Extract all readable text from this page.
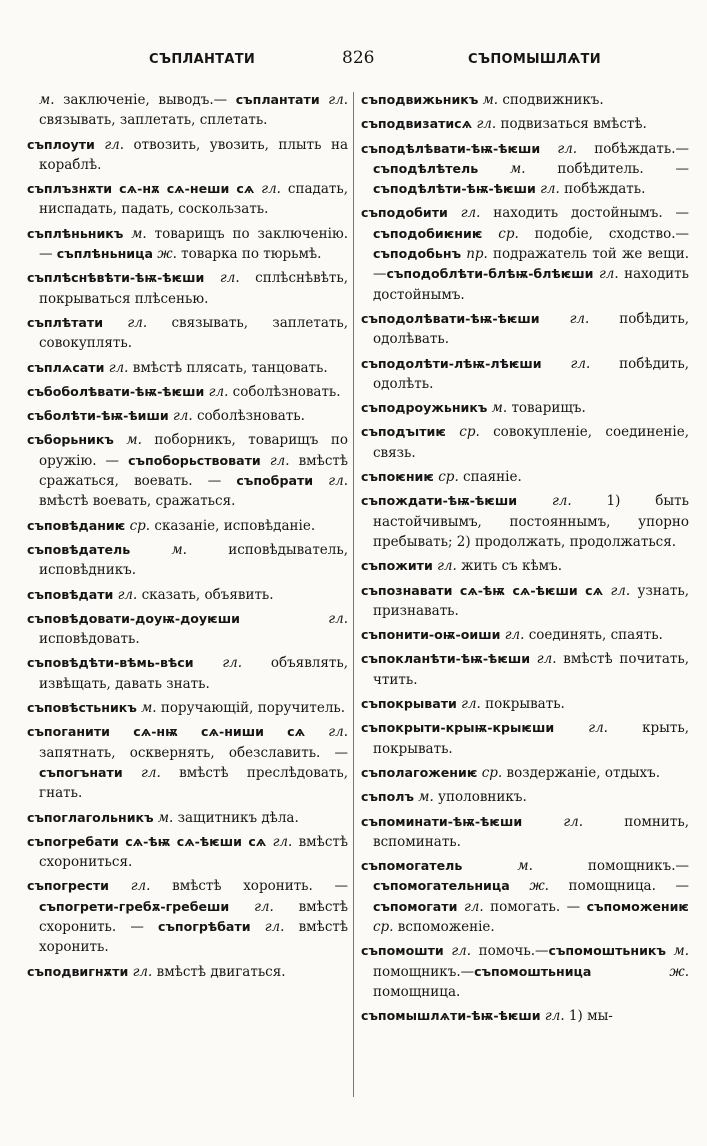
СЪПЛАНТАТИ	826	СЪПОМЫШЛѦТИ
м. заключеніе, выводъ.— съплантати гл. связывать, заплетать, сплетать.
съплоути гл. отвозить, увозить, плыть на кораблѣ.
съплъзнѫти сѧ-нѫ сѧ-неши сѧ гл. спадать, ниспадать, падать, соскользать.
съплѣньникъ м. товарищъ по заключенію. — съплѣньница ж. товарка по тюрьмѣ.
съплѣснѣвѣти-ѣѭ-ѣѥши гл. сплѣснѣвѣть, покрываться плѣсенью.
съплѣтати гл. связывать, заплетать, совокуплять.
съплѧсати гл. вмѣстѣ плясать, танцовать.
събоболѣвати-ѣѭ-ѣѥши гл. соболѣзновать.
съболѣти-ѣѭ-ѣиши гл. соболѣзновать.
съборьникъ м. поборникъ, товарищъ по оружію. — съпоборьствовати гл. вмѣстѣ сражаться, воевать. — съпобрати гл. вмѣстѣ воевать, сражаться.
съповѣданиѥ ср. сказаніе, исповѣданіе.
съповѣдатель	м. исповѣдыватель, исповѣдникъ.
съповѣдати гл. сказать, объявить.
съповѣдовати-доуѭ-доуѥши	гл. исповѣдовать.
съповѣдѣти-вѣмь-вѣси гл. объявлять, извѣщать, давать знать.
съповѣстьникъ м. поручающій, поручитель.
съпоганити сѧ-нѭ сѧ-ниши сѧ гл. запятнать, осквернять, обезславить. —съпогънати гл. вмѣстѣ преслѣдовать, гнать.
съпоглагольникъ м. защитникъ дѣла.
съпогребати сѧ-ѣѭ сѧ-ѣѥши сѧ гл. вмѣстѣ схорониться.
съпогрести гл. вмѣстѣ хоронить. — съпогрети-гребѫ-гребеши гл. вмѣстѣ схоронить. — съпогрѣбати гл. вмѣстѣ хоронить.
съподвигнѫти гл. вмѣстѣ двигаться.
съподвижьникъ м. сподвижникъ.
съподвизатисѧ гл. подвизаться вмѣстѣ.
съподѣлѣвати-ѣѭ-ѣѥши гл. побѣждать.—съподѣлѣтель м. побѣдитель. — съподѣлѣти-ѣѭ-ѣѥши гл. побѣждать.
съподобити гл. находить достойнымъ. —съподобиѥниѥ ср. подобіе, сходство.— съподобьнъ пр. подражатель той же вещи.—съподоблѣти-блѣѭ-блѣѥши гл. находить достойнымъ.
съподолѣвати-ѣѭ-ѣѥши гл. побѣдить, одолѣвать.
съподолѣти-лѣѭ-лѣѥши гл. побѣдить, одолѣть.
съподроужьникъ м. товарищъ.
съподъıтиѥ ср. совокупленіе, соединеніе, связь.
съпоѥниѥ ср. спаяніе.
съпождати-ѣѭ-ѣѥши	гл. 1) быть настойчивымъ, постояннымъ, упорно пребывать; 2) продолжать, продолжаться.
съпожити гл. жить съ кѣмъ.
съпознавати сѧ-ѣѭ сѧ-ѣѥши сѧ гл. узнать, признавать.
съпонити-оѭ-оиши гл. соединять, спаять.
съпокланѣти-ѣѭ-ѣѥши гл. вмѣстѣ почитать, чтить.
съпокрывати гл. покрывать.
съпокрыти-крыѭ-крыѥши	гл. крыть, покрывать.
съполагожениѥ ср. воздержаніе, отдыхъ.
съполъ м. уполовникъ.
съпоминати-ѣѭ-ѣѥши	гл. помнить, вспоминать.
съпомогатель	м. помощникъ.—съпомогательница ж. помощница. — съпомогати гл. помогать. — съпоможениѥ ср. вспоможеніе.
съпомошти гл. помочь.—съпомоштьникъ м. помощникъ.—съпомоштьница	ж. помощница.
съпомышлѧти-ѣѭ-ѣѥши гл. 1) мы-
